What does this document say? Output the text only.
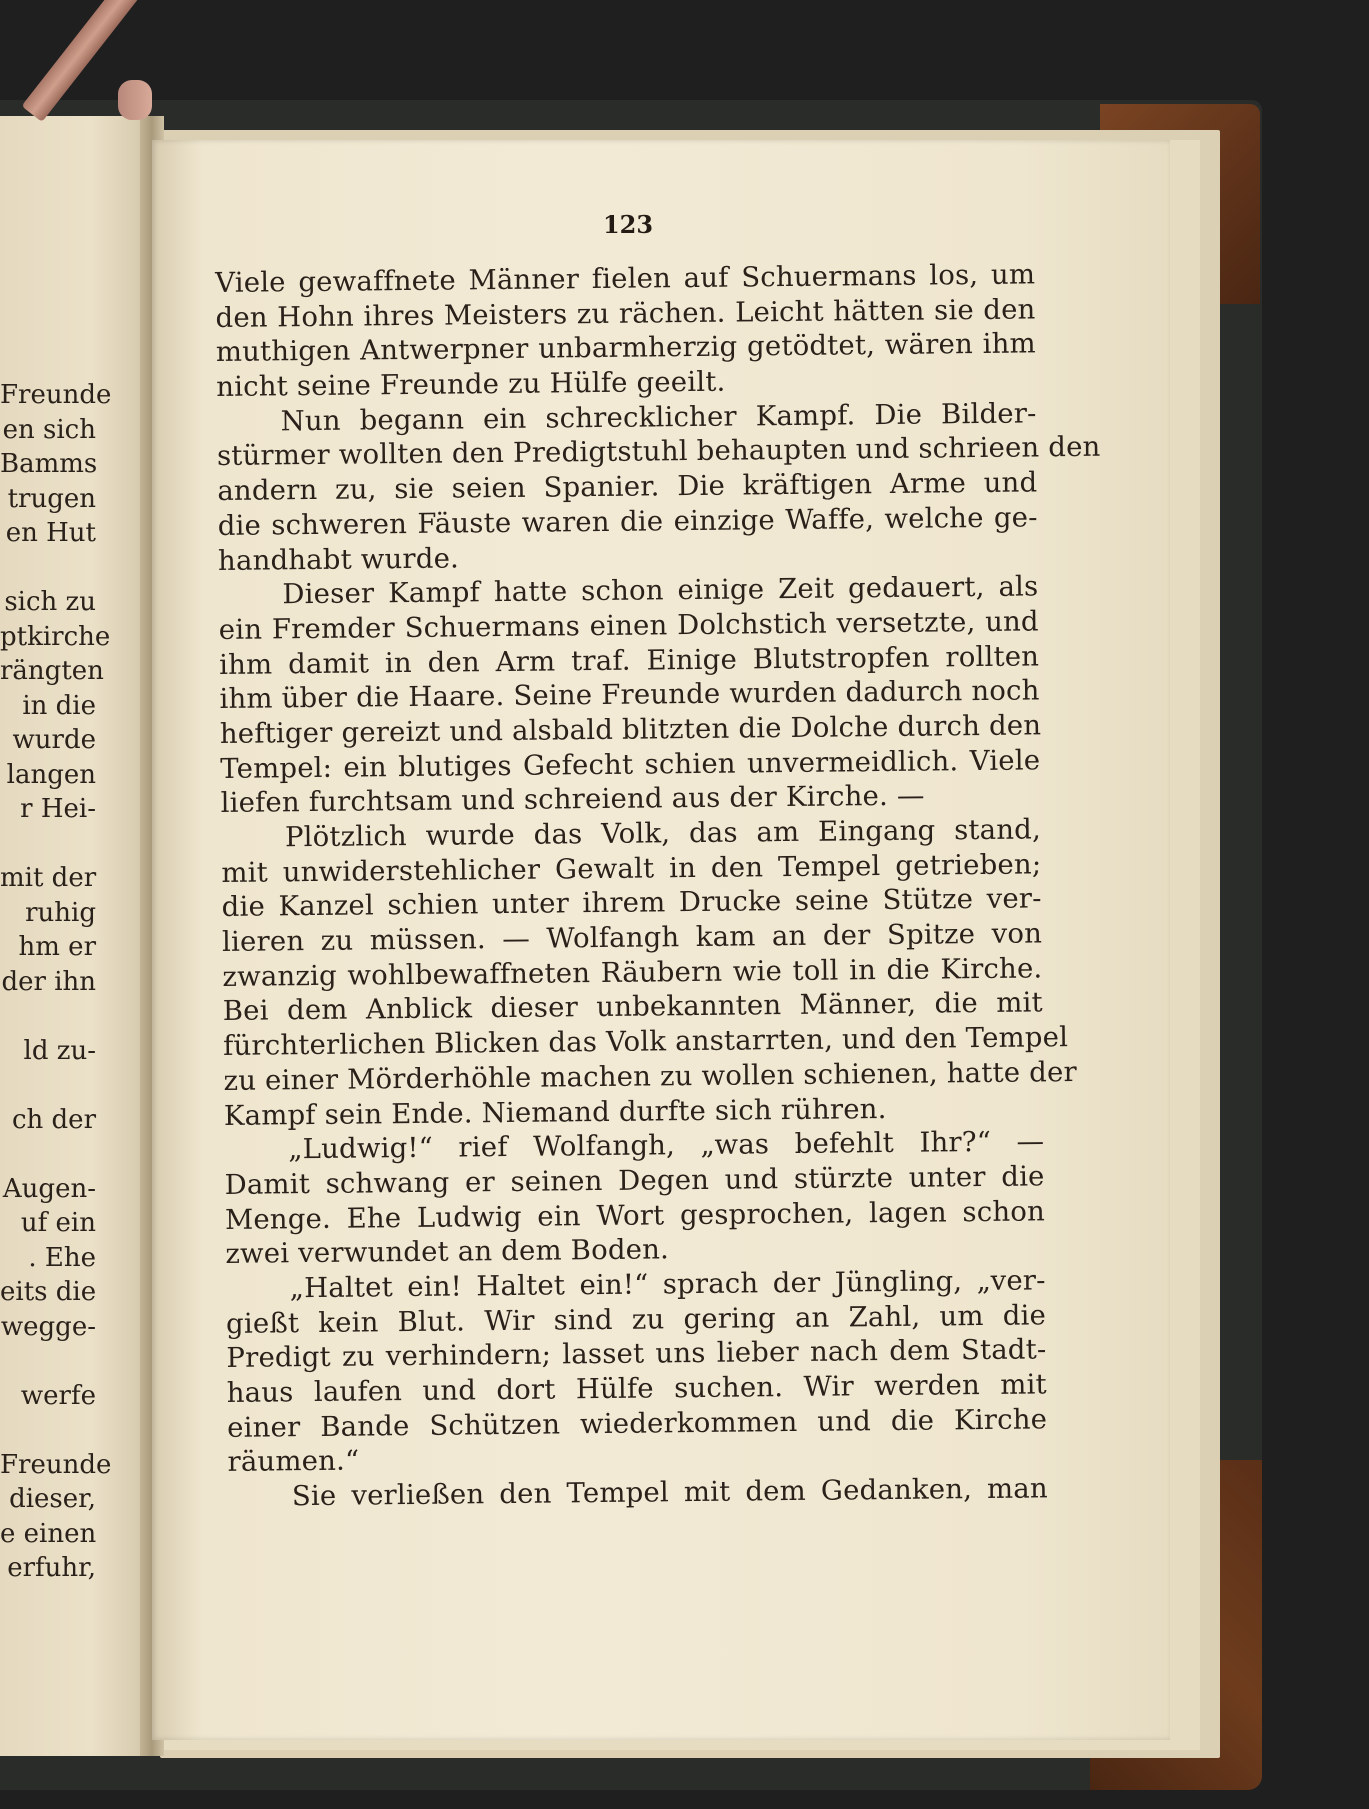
Freunde
en sich
Bamms
trugen
en Hut
sich zu
ptkirche
rängten
in die
wurde
langen
r Hei-
mit der
ruhig
hm er
der ihn
ld zu-
ch der
Augen-
uf ein
. Ehe
eits die
wegge-
werfe
Freunde
dieser,
e einen
erfuhr,
123
Viele gewaffnete Männer fielen auf Schuermans los, um
den Hohn ihres Meisters zu rächen. Leicht hätten sie den
muthigen Antwerpner unbarmherzig getödtet, wären ihm
nicht seine Freunde zu Hülfe geeilt.
Nun begann ein schrecklicher Kampf. Die Bilder-
stürmer wollten den Predigtstuhl behaupten und schrieen den
andern zu, sie seien Spanier. Die kräftigen Arme und
die schweren Fäuste waren die einzige Waffe, welche ge-
handhabt wurde.
Dieser Kampf hatte schon einige Zeit gedauert, als
ein Fremder Schuermans einen Dolchstich versetzte, und
ihm damit in den Arm traf. Einige Blutstropfen rollten
ihm über die Haare. Seine Freunde wurden dadurch noch
heftiger gereizt und alsbald blitzten die Dolche durch den
Tempel: ein blutiges Gefecht schien unvermeidlich. Viele
liefen furchtsam und schreiend aus der Kirche. —
Plötzlich wurde das Volk, das am Eingang stand,
mit unwiderstehlicher Gewalt in den Tempel getrieben;
die Kanzel schien unter ihrem Drucke seine Stütze ver-
lieren zu müssen. — Wolfangh kam an der Spitze von
zwanzig wohlbewaffneten Räubern wie toll in die Kirche.
Bei dem Anblick dieser unbekannten Männer, die mit
fürchterlichen Blicken das Volk anstarrten, und den Tempel
zu einer Mörderhöhle machen zu wollen schienen, hatte der
Kampf sein Ende. Niemand durfte sich rühren.
„Ludwig!“ rief Wolfangh, „was befehlt Ihr?“ —
Damit schwang er seinen Degen und stürzte unter die
Menge. Ehe Ludwig ein Wort gesprochen, lagen schon
zwei verwundet an dem Boden.
„Haltet ein! Haltet ein!“ sprach der Jüngling, „ver-
gießt kein Blut. Wir sind zu gering an Zahl, um die
Predigt zu verhindern; lasset uns lieber nach dem Stadt-
haus laufen und dort Hülfe suchen. Wir werden mit
einer Bande Schützen wiederkommen und die Kirche
räumen.“
Sie verließen den Tempel mit dem Gedanken, man
